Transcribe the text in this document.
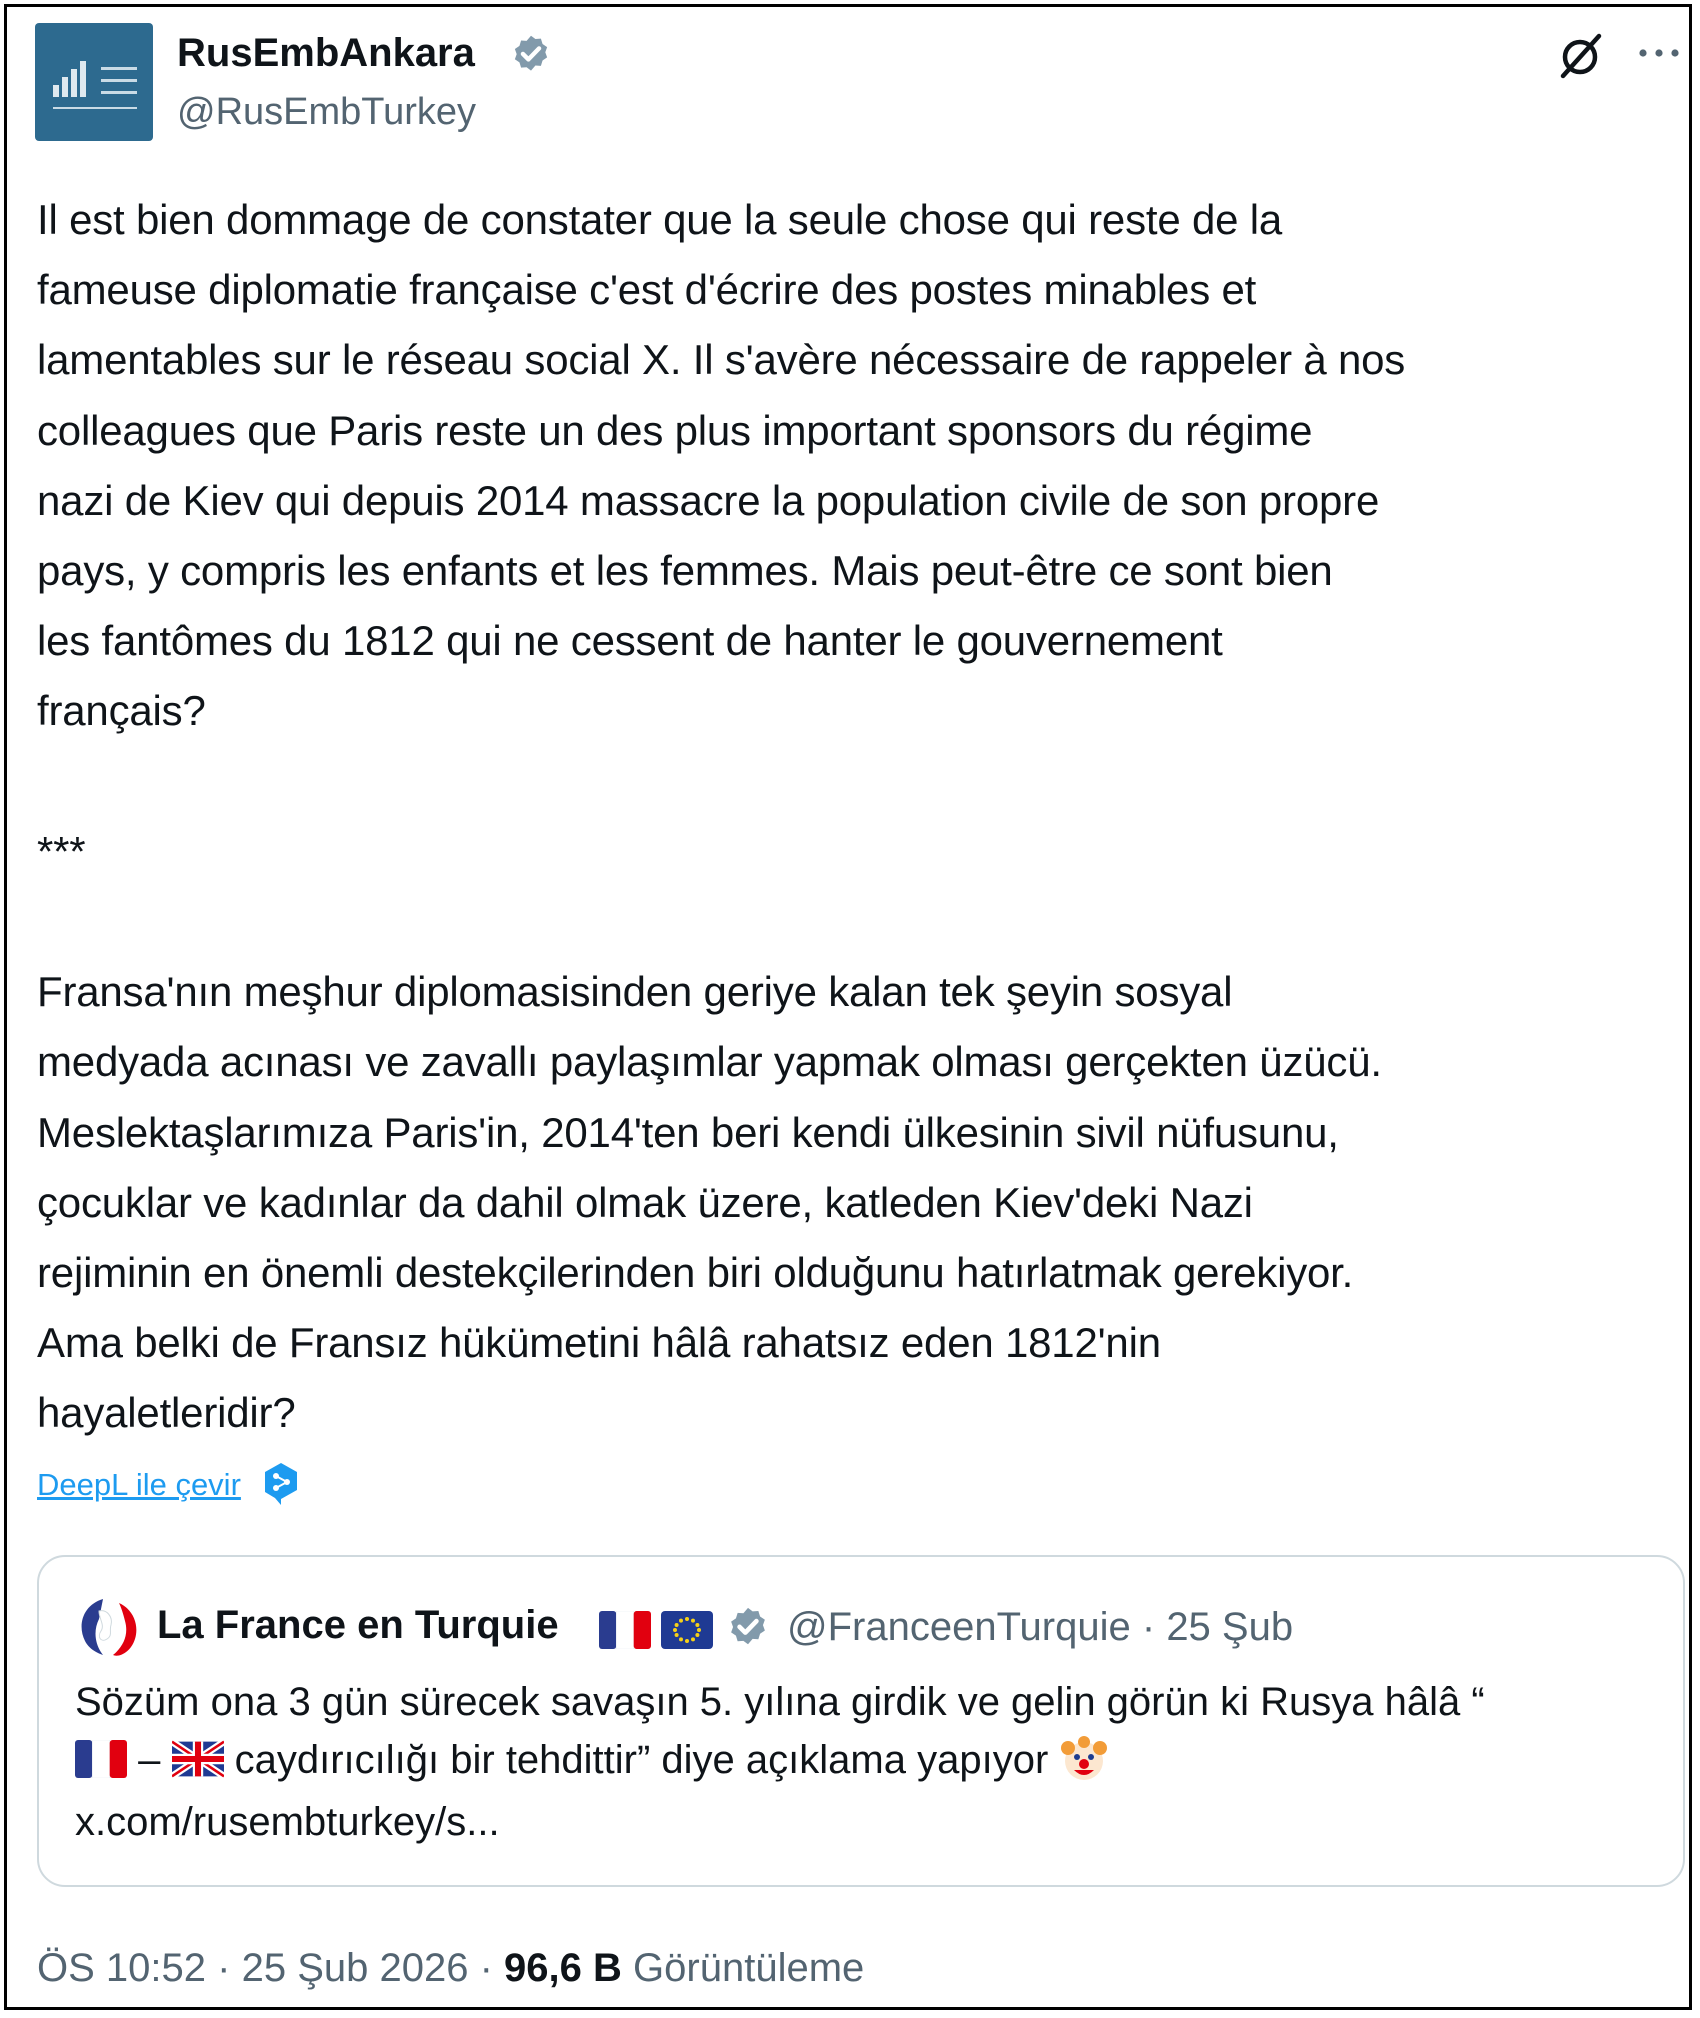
RusEmbAnkara
@RusEmbTurkey
Il est bien dommage de constater que la seule chose qui reste de la
fameuse diplomatie française c'est d'écrire des postes minables et
lamentables sur le réseau social X. Il s'avère nécessaire de rappeler à nos
colleagues que Paris reste un des plus important sponsors du régime
nazi de Kiev qui depuis 2014 massacre la population civile de son propre
pays, y compris les enfants et les femmes. Mais peut-être ce sont bien
les fantômes du 1812 qui ne cessent de hanter le gouvernement
français?

***

Fransa'nın meşhur diplomasisinden geriye kalan tek şeyin sosyal
medyada acınası ve zavallı paylaşımlar yapmak olması gerçekten üzücü.
Meslektaşlarımıza Paris'in, 2014'ten beri kendi ülkesinin sivil nüfusunu,
çocuklar ve kadınlar da dahil olmak üzere, katleden Kiev'deki Nazi
rejiminin en önemli destekçilerinden biri olduğunu hatırlatmak gerekiyor.
Ama belki de Fransız hükümetini hâlâ rahatsız eden 1812'nin
hayaletleridir?
DeepL ile çevir
La France en Turquie	@FranceenTurquie · 25 Şub
Sözüm ona 3 gün sürecek savaşın 5. yılına girdik ve gelin görün ki Rusya hâlâ “
– caydırıcılığı bir tehdittir” diye açıklama yapıyor
x.com/rusembturkey/s...
ÖS 10:52 · 25 Şub 2026 · 96,6 B Görüntüleme
